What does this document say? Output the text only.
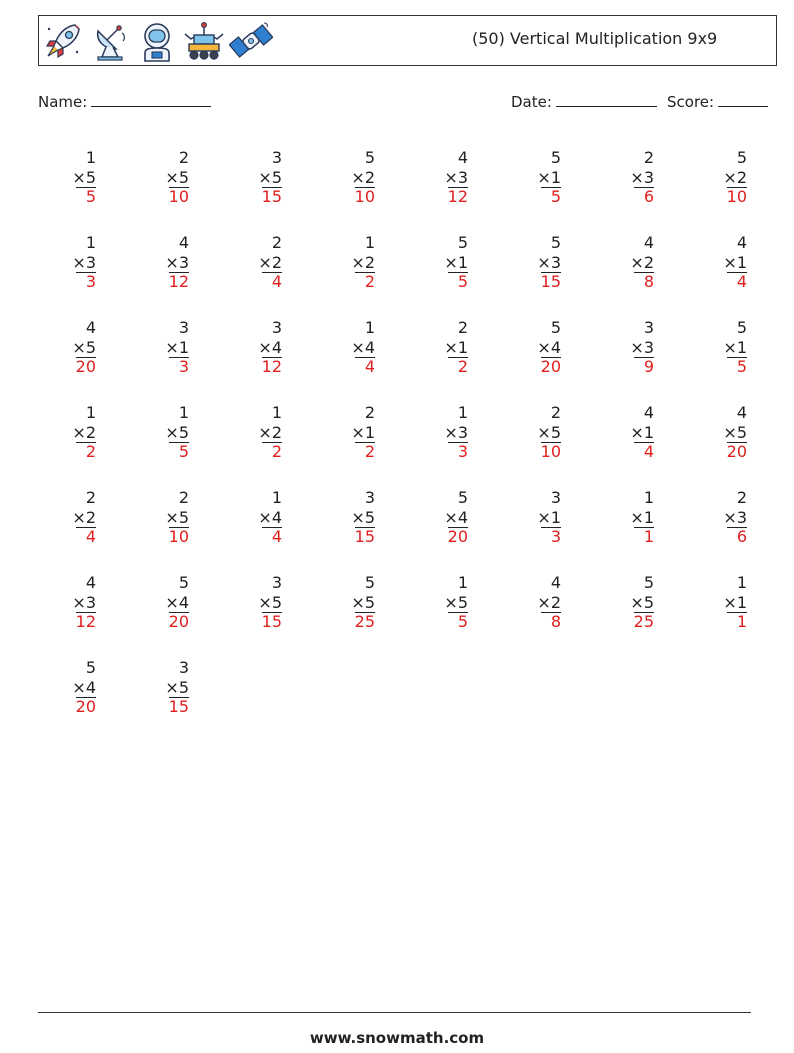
(50) Vertical Multiplication 9x9
Name:	Date:	Score:
1
×5
5
2
×5
10
3
×5
15
5
×2
10
4
×3
12
5
×1
5
2
×3
6
5
×2
10
1
×3
3
4
×3
12
2
×2
4
1
×2
2
5
×1
5
5
×3
15
4
×2
8
4
×1
4
4
×5
20
3
×1
3
3
×4
12
1
×4
4
2
×1
2
5
×4
20
3
×3
9
5
×1
5
1
×2
2
1
×5
5
1
×2
2
2
×1
2
1
×3
3
2
×5
10
4
×1
4
4
×5
20
2
×2
4
2
×5
10
1
×4
4
3
×5
15
5
×4
20
3
×1
3
1
×1
1
2
×3
6
4
×3
12
5
×4
20
3
×5
15
5
×5
25
1
×5
5
4
×2
8
5
×5
25
1
×1
1
5
×4
20
3
×5
15
www.snowmath.com
